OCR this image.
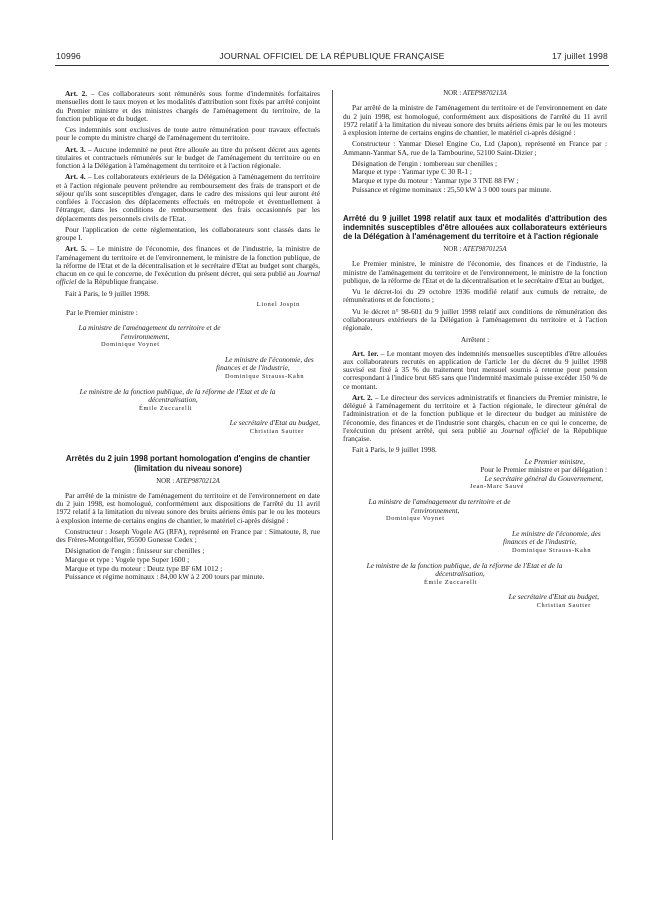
10996	JOURNAL OFFICIEL DE LA RÉPUBLIQUE FRANÇAISE	17 juillet 1998

Art. 2. – Ces collaborateurs sont rémunérés sous forme d'indemnités forfaitaires mensuelles dont le taux moyen et les modalités d'attribution sont fixés par arrêté conjoint du Premier ministre et des ministres chargés de l'aménagement du territoire, de la fonction publique et du budget.

Ces indemnités sont exclusives de toute autre rémunération pour travaux effectués pour le compte du ministre chargé de l'aménagement du territoire.

Art. 3. – Aucune indemnité ne peut être allouée au titre du présent décret aux agents titulaires et contractuels rémunérés sur le budget de l'aménagement du territoire ou en fonction à la Délégation à l'aménagement du territoire et à l'action régionale.

Art. 4. – Les collaborateurs extérieurs de la Délégation à l'aménagement du territoire et à l'action régionale peuvent prétendre au remboursement des frais de transport et de séjour qu'ils sont susceptibles d'engager, dans le cadre des missions qui leur auront été confiées à l'occasion des déplacements effectués en métropole et éventuellement à l'étranger, dans les conditions de remboursement des frais occasionnés par les déplacements des personnels civils de l'Etat.

Pour l'application de cette réglementation, les collaborateurs sont classés dans le groupe I.

Art. 5. – Le ministre de l'économie, des finances et de l'industrie, la ministre de l'aménagement du territoire et de l'environnement, le ministre de la fonction publique, de la réforme de l'Etat et de la décentralisation et le secrétaire d'Etat au budget sont chargés, chacun en ce qui le concerne, de l'exécution du présent décret, qui sera publié au Journal officiel de la République française.

Fait à Paris, le 9 juillet 1998.

Lionel Jospin

Par le Premier ministre :

La ministre de l'aménagement du territoire et de l'environnement,

Dominique Voynet

Le ministre de l'économie, des finances et de l'industrie,

Dominique Strauss-Kahn

Le ministre de la fonction publique, de la réforme de l'Etat et de la décentralisation,

Émile Zuccarelli

Le secrétaire d'Etat au budget,

Christian Sautter

Arrêtés du 2 juin 1998 portant homologation d'engins de chantier (limitation du niveau sonore)

NOR : ATEP9870212A

Par arrêté de la ministre de l'aménagement du territoire et de l'environnement en date du 2 juin 1998, est homologué, conformément aux dispositions de l'arrêté du 11 avril 1972 relatif à la limitation du niveau sonore des bruits aériens émis par le ou les moteurs à explosion interne de certains engins de chantier, le matériel ci-après désigné :

Constructeur : Joseph Vogele AG (RFA), représenté en France par : Simatoute, 8, rue des Frères-Montgolfier, 95500 Gonesse Cedex ;

Désignation de l'engin : finisseur sur chenilles ;

Marque et type : Vogele type Super 1600 ;

Marque et type du moteur : Deutz type BF 6M 1012 ;

Puissance et régime nominaux : 84,00 kW à 2 200 tours par minute.

NOR : ATEP9870213A

Par arrêté de la ministre de l'aménagement du territoire et de l'environnement en date du 2 juin 1998, est homologué, conformément aux dispositions de l'arrêté du 11 avril 1972 relatif à la limitation du niveau sonore des bruits aériens émis par le ou les moteurs à explosion interne de certains engins de chantier, le matériel ci-après désigné :

Constructeur : Yanmar Diesel Engine Co, Ltd (Japon), représenté en France par : Ammann-Yanmar SA, rue de la Tambourine, 52100 Saint-Dizier ;

Désignation de l'engin : tombereau sur chenilles ;

Marque et type : Yanmar type C 30 R-1 ;

Marque et type du moteur : Yanmar type 3 TNE 88 FW ;

Puissance et régime nominaux : 25,50 kW à 3 000 tours par minute.

Arrêté du 9 juillet 1998 relatif aux taux et modalités d'attribution des indemnités susceptibles d'être allouées aux collaborateurs extérieurs de la Délégation à l'aménagement du territoire et à l'action régionale

NOR : ATET9870125A

Le Premier ministre, le ministre de l'économie, des finances et de l'industrie, la ministre de l'aménagement du territoire et de l'environnement, le ministre de la fonction publique, de la réforme de l'Etat et de la décentralisation et le secrétaire d'Etat au budget,

Vu le décret-loi du 29 octobre 1936 modifié relatif aux cumuls de retraite, de rémunérations et de fonctions ;

Vu le décret n° 98-601 du 9 juillet 1998 relatif aux conditions de rémunération des collaborateurs extérieurs de la Délégation à l'aménagement du territoire et à l'action régionale,

Arrêtent :

Art. 1er. – Le montant moyen des indemnités mensuelles susceptibles d'être allouées aux collaborateurs recrutés en application de l'article 1er du décret du 9 juillet 1998 susvisé est fixé à 35 % du traitement brut mensuel soumis à retenue pour pension correspondant à l'indice brut 685 sans que l'indemnité maximale puisse excéder 150 % de ce montant.

Art. 2. – Le directeur des services administratifs et financiers du Premier ministre, le délégué à l'aménagement du territoire et à l'action régionale, le directeur général de l'administration et de la fonction publique et le directeur du budget au ministère de l'économie, des finances et de l'industrie sont chargés, chacun en ce qui le concerne, de l'exécution du présent arrêté, qui sera publié au Journal officiel de la République française.

Fait à Paris, le 9 juillet 1998.

Le Premier ministre,

Pour le Premier ministre et par délégation :

Le secrétaire général du Gouvernement,

Jean-Marc Sauvé

La ministre de l'aménagement du territoire et de l'environnement,

Dominique Voynet

Le ministre de l'économie, des finances et de l'industrie,

Dominique Strauss-Kahn

Le ministre de la fonction publique, de la réforme de l'Etat et de la décentralisation,

Émile Zuccarelli

Le secrétaire d'Etat au budget,

Christian Sautter
